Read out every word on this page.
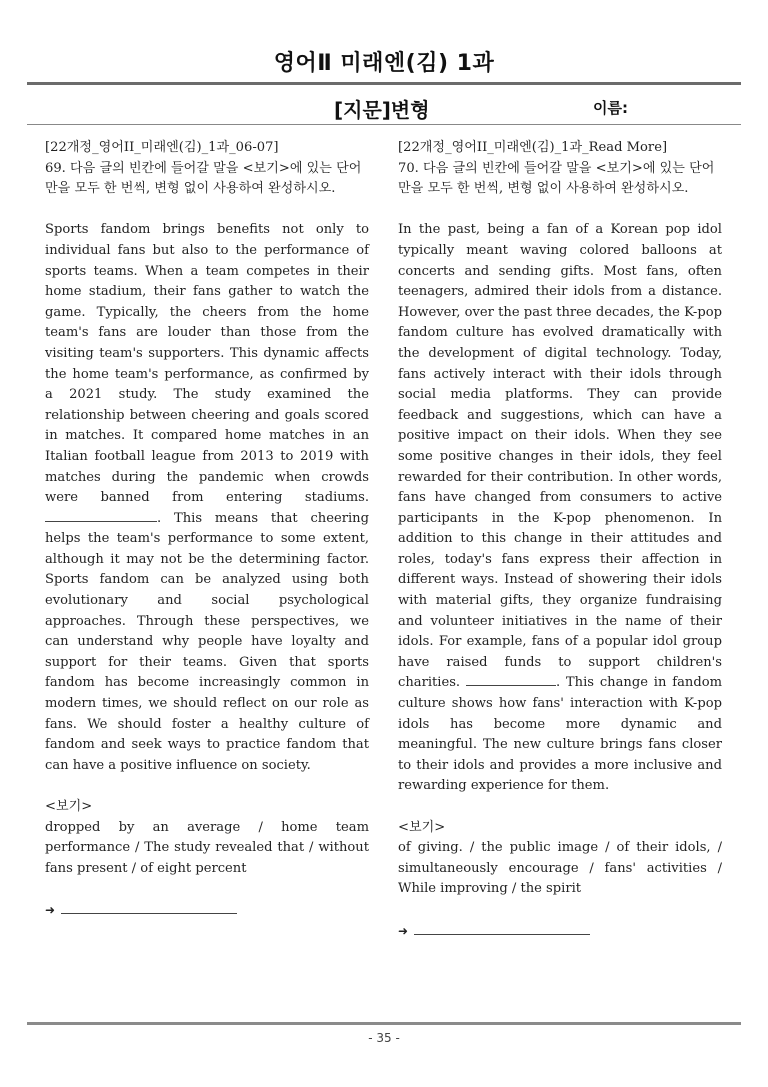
영어Ⅱ 미래엔(김) 1과
[지문]변형	이름:

[22개정_영어II_미래엔(김)_1과_06-07]

69. 다음 글의 빈칸에 들어갈 말을 <보기>에 있는 단어만을 모두 한 번씩, 변형 없이 사용하여 완성하시오.

Sports fandom brings benefits not only to individual fans but also to the performance of sports teams. When a team competes in their home stadium, their fans gather to watch the game. Typically, the cheers from the home team's fans are louder than those from the visiting team's supporters. This dynamic affects the home team's performance, as confirmed by a 2021 study. The study examined the relationship between cheering and goals scored in matches. It compared home matches in an Italian football league from 2013 to 2019 with matches during the pandemic when crowds were banned from entering stadiums. . This means that cheering helps the team's performance to some extent, although it may not be the determining factor. Sports fandom can be analyzed using both evolutionary and social psychological approaches. Through these perspectives, we can understand why people have loyalty and support for their teams. Given that sports fandom has become increasingly common in modern times, we should reflect on our role as fans. We should foster a healthy culture of fandom and seek ways to practice fandom that can have a positive influence on society.

<보기>

dropped by an average / home team performance / The study revealed that / without fans present / of eight percent

➜

[22개정_영어II_미래엔(김)_1과_Read More]

70. 다음 글의 빈칸에 들어갈 말을 <보기>에 있는 단어만을 모두 한 번씩, 변형 없이 사용하여 완성하시오.

In the past, being a fan of a Korean pop idol typically meant waving colored balloons at concerts and sending gifts. Most fans, often teenagers, admired their idols from a distance. However, over the past three decades, the K-pop fandom culture has evolved dramatically with the development of digital technology. Today, fans actively interact with their idols through social media platforms. They can provide feedback and suggestions, which can have a positive impact on their idols. When they see some positive changes in their idols, they feel rewarded for their contribution. In other words, fans have changed from consumers to active participants in the K-pop phenomenon. In addition to this change in their attitudes and roles, today's fans express their affection in different ways. Instead of showering their idols with material gifts, they organize fundraising and volunteer initiatives in the name of their idols. For example, fans of a popular idol group have raised funds to support children's charities.	. This change in fandom culture shows how fans' interaction with K-pop idols has become more dynamic and meaningful. The new culture brings fans closer to their idols and provides a more inclusive and rewarding experience for them.

<보기>

of giving. / the public image / of their idols, / simultaneously encourage / fans' activities / While improving / the spirit

➜
- 35 -
